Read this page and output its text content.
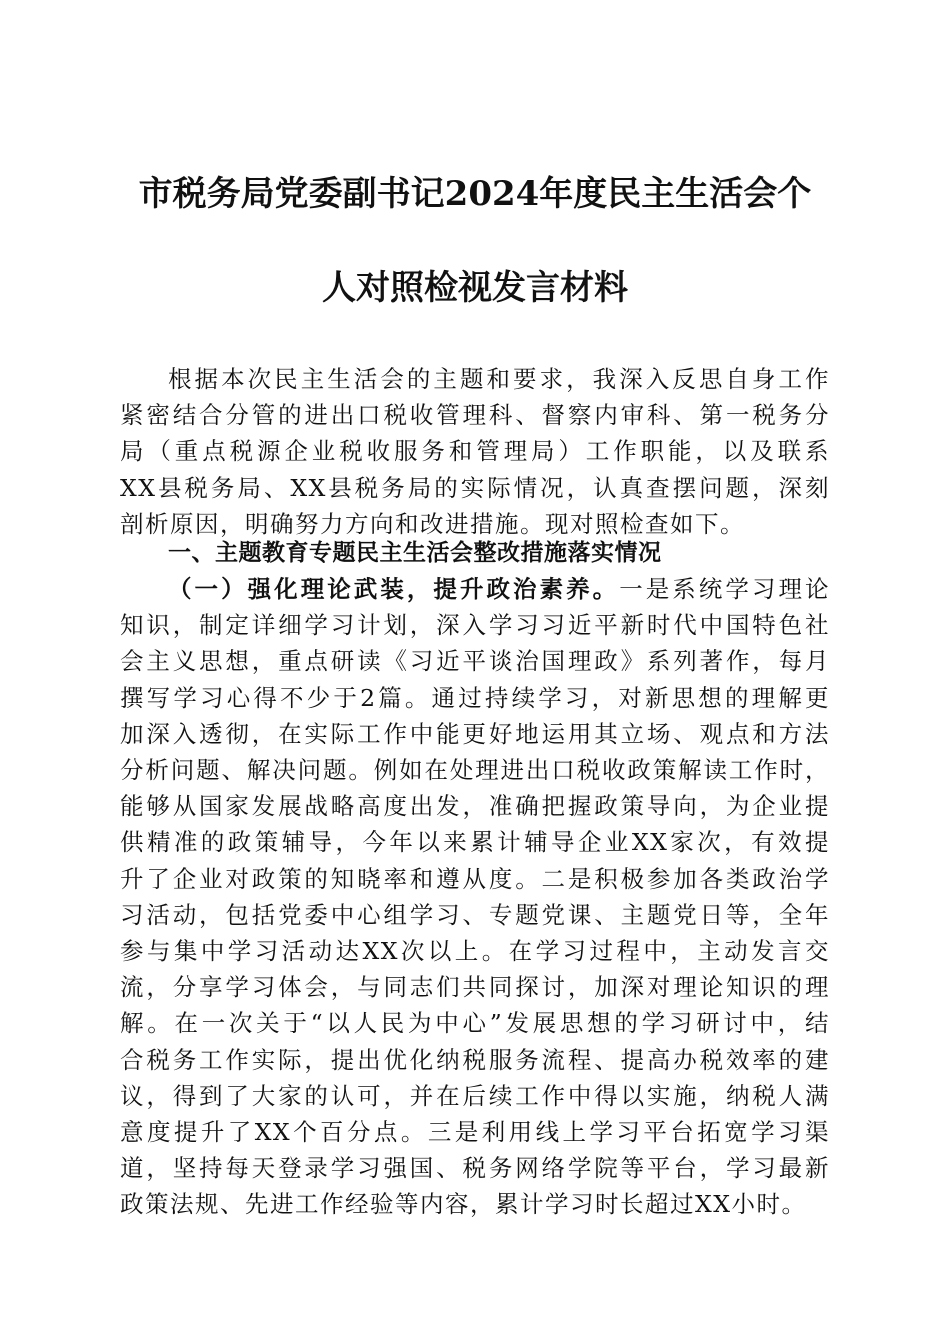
市税务局党委副书记2024年度民主生活会个
人对照检视发言材料
根据本次民主生活会的主题和要求，我深入反思自身工作
紧密结合分管的进出口税收管理科、督察内审科、第一税务分
局（重点税源企业税收服务和管理局）工作职能，以及联系
XX县税务局、XX县税务局的实际情况，认真查摆问题，深刻
剖析原因，明确努力方向和改进措施。现对照检查如下。
一、主题教育专题民主生活会整改措施落实情况
（一）强化理论武装，提升政治素养。一是系统学习理论
知识，制定详细学习计划，深入学习习近平新时代中国特色社
会主义思想，重点研读《习近平谈治国理政》系列著作，每月
撰写学习心得不少于2篇。通过持续学习，对新思想的理解更
加深入透彻，在实际工作中能更好地运用其立场、观点和方法
分析问题、解决问题。例如在处理进出口税收政策解读工作时，
能够从国家发展战略高度出发，准确把握政策导向，为企业提
供精准的政策辅导，今年以来累计辅导企业XX家次，有效提
升了企业对政策的知晓率和遵从度。二是积极参加各类政治学
习活动，包括党委中心组学习、专题党课、主题党日等，全年
参与集中学习活动达XX次以上。在学习过程中，主动发言交
流，分享学习体会，与同志们共同探讨，加深对理论知识的理
解。在一次关于“以人民为中心”发展思想的学习研讨中，结
合税务工作实际，提出优化纳税服务流程、提高办税效率的建
议，得到了大家的认可，并在后续工作中得以实施，纳税人满
意度提升了XX个百分点。三是利用线上学习平台拓宽学习渠
道，坚持每天登录学习强国、税务网络学院等平台，学习最新
政策法规、先进工作经验等内容，累计学习时长超过XX小时。
